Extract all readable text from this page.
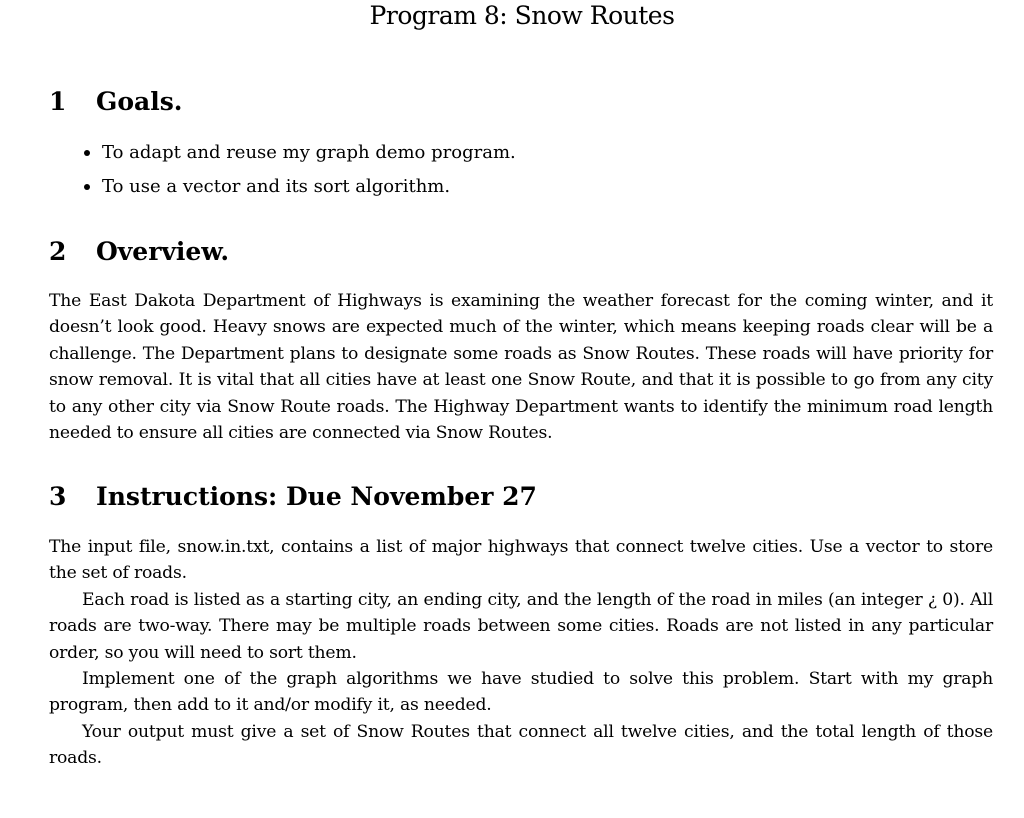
Program 8: Snow Routes
1 Goals.
To adapt and reuse my graph demo program.
To use a vector and its sort algorithm.
2 Overview.

The East Dakota Department of Highways is examining the weather forecast for the coming winter, and it doesn’t look good. Heavy snows are expected much of the winter, which means keeping roads clear will be a challenge. The Department plans to designate some roads as Snow Routes. These roads will have priority for snow removal. It is vital that all cities have at least one Snow Route, and that it is possible to go from any city to any other city via Snow Route roads. The Highway Department wants to identify the minimum road length needed to ensure all cities are connected via Snow Routes.

3 Instructions: Due November 27

The input file, snow.in.txt, contains a list of major highways that connect twelve cities. Use a vector to store the set of roads.

Each road is listed as a starting city, an ending city, and the length of the road in miles (an integer ¿ 0). All roads are two-way. There may be multiple roads between some cities. Roads are not listed in any particular order, so you will need to sort them.

Implement one of the graph algorithms we have studied to solve this problem. Start with my graph program, then add to it and/or modify it, as needed.

Your output must give a set of Snow Routes that connect all twelve cities, and the total length of those roads.
